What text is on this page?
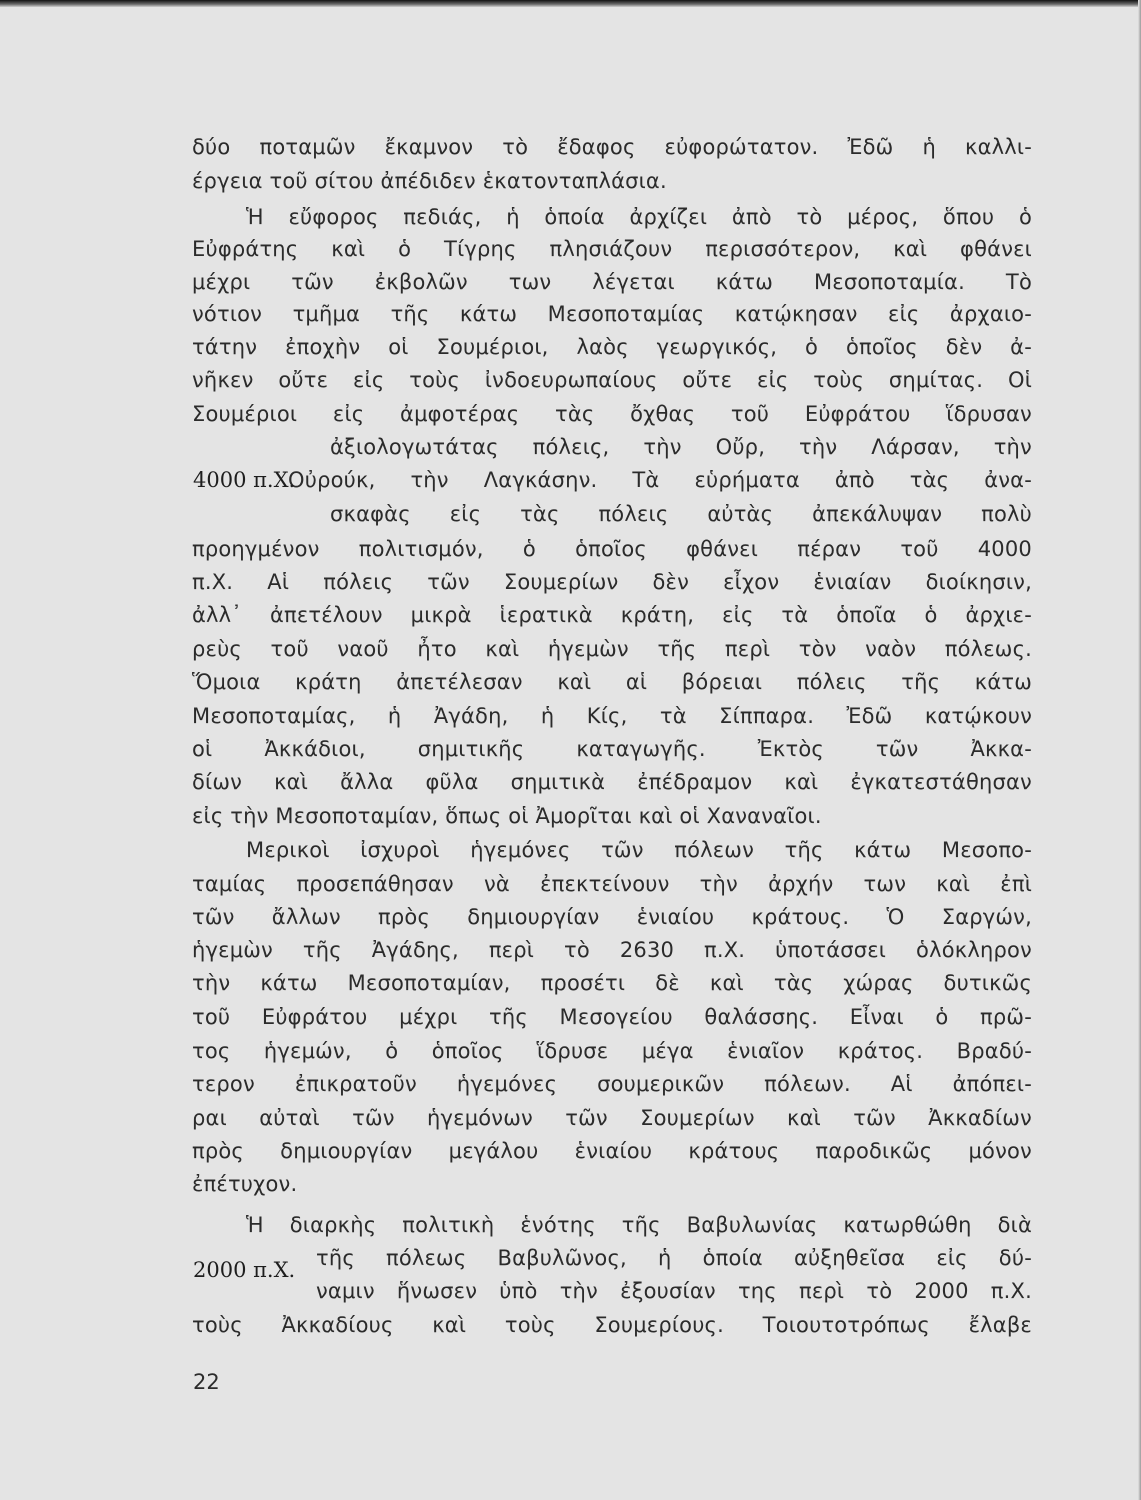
δύο ποταμῶν ἔκαμνον τὸ ἔδαφος εὐφορώτατον. Ἐδῶ ἡ καλλι-

έργεια τοῦ σίτου ἀπέδιδεν ἑκατονταπλάσια.

Ἡ εὔφορος πεδιάς, ἡ ὁποία ἀρχίζει ἀπὸ τὸ μέρος, ὅπου ὁ

Εὐφράτης καὶ ὁ Τίγρης πλησιάζουν περισσότερον, καὶ φθάνει

μέχρι τῶν ἐκβολῶν των λέγεται κάτω Μεσοποταμία. Τὸ

νότιον τμῆμα τῆς κάτω Μεσοποταμίας κατῴκησαν εἰς ἀρχαιο-

τάτην ἐποχὴν οἱ Σουμέριοι, λαὸς γεωργικός, ὁ ὁποῖος δὲν ἀ-

νῆκεν οὔτε εἰς τοὺς ἰνδοευρωπαίους οὔτε εἰς τοὺς σημίτας. Οἱ

Σουμέριοι εἰς ἀμφοτέρας τὰς ὄχθας τοῦ Εὐφράτου ἵδρυσαν

ἀξιολογωτάτας πόλεις, τὴν Οὔρ, τὴν Λάρσαν, τὴν

Οὐρούκ, τὴν Λαγκάσην. Τὰ εὑρήματα ἀπὸ τὰς ἀνα-

σκαφὰς εἰς τὰς πόλεις αὐτὰς ἀπεκάλυψαν πολὺ

προηγμένον πολιτισμόν, ὁ ὁποῖος φθάνει πέραν τοῦ 4000

π.Χ. Αἱ πόλεις τῶν Σουμερίων δὲν εἶχον ἑνιαίαν διοίκησιν,

ἀλλ᾽ ἀπετέλουν μικρὰ ἱερατικὰ κράτη, εἰς τὰ ὁποῖα ὁ ἀρχιε-

ρεὺς τοῦ ναοῦ ἦτο καὶ ἡγεμὼν τῆς περὶ τὸν ναὸν πόλεως.

Ὅμοια κράτη ἀπετέλεσαν καὶ αἱ βόρειαι πόλεις τῆς κάτω

Μεσοποταμίας, ἡ Ἀγάδη, ἡ Κίς, τὰ Σίππαρα. Ἐδῶ κατῴκουν

οἱ Ἀκκάδιοι, σημιτικῆς καταγωγῆς. Ἐκτὸς τῶν Ἀκκα-

δίων καὶ ἄλλα φῦλα σημιτικὰ ἐπέδραμον καὶ ἐγκατεστάθησαν

εἰς τὴν Μεσοποταμίαν, ὅπως οἱ Ἀμορῖται καὶ οἱ Χαναναῖοι.

Μερικοὶ ἰσχυροὶ ἡγεμόνες τῶν πόλεων τῆς κάτω Μεσοπο-

ταμίας προσεπάθησαν νὰ ἐπεκτείνουν τὴν ἀρχήν των καὶ ἐπὶ

τῶν ἄλλων πρὸς δημιουργίαν ἑνιαίου κράτους. Ὁ Σαργών,

ἡγεμὼν τῆς Ἀγάδης, περὶ τὸ 2630 π.Χ. ὑποτάσσει ὁλόκληρον

τὴν κάτω Μεσοποταμίαν, προσέτι δὲ καὶ τὰς χώρας δυτικῶς

τοῦ Εὐφράτου μέχρι τῆς Μεσογείου θαλάσσης. Εἶναι ὁ πρῶ-

τος ἡγεμών, ὁ ὁποῖος ἵδρυσε μέγα ἑνιαῖον κράτος. Βραδύ-

τερον ἐπικρατοῦν ἡγεμόνες σουμερικῶν πόλεων. Αἱ ἀπόπει-

ραι αὐταὶ τῶν ἡγεμόνων τῶν Σουμερίων καὶ τῶν Ἀκκαδίων

πρὸς δημιουργίαν μεγάλου ἑνιαίου κράτους παροδικῶς μόνον

ἐπέτυχον.

Ἡ διαρκὴς πολιτικὴ ἑνότης τῆς Βαβυλωνίας κατωρθώθη διὰ

τῆς πόλεως Βαβυλῶνος, ἡ ὁποία αὐξηθεῖσα εἰς δύ-

ναμιν ἥνωσεν ὑπὸ τὴν ἐξουσίαν της περὶ τὸ 2000 π.Χ.

τοὺς Ἀκκαδίους καὶ τοὺς Σουμερίους. Τοιουτοτρόπως ἔλαβε

4000 π.Χ.

2000 π.Χ.

22
